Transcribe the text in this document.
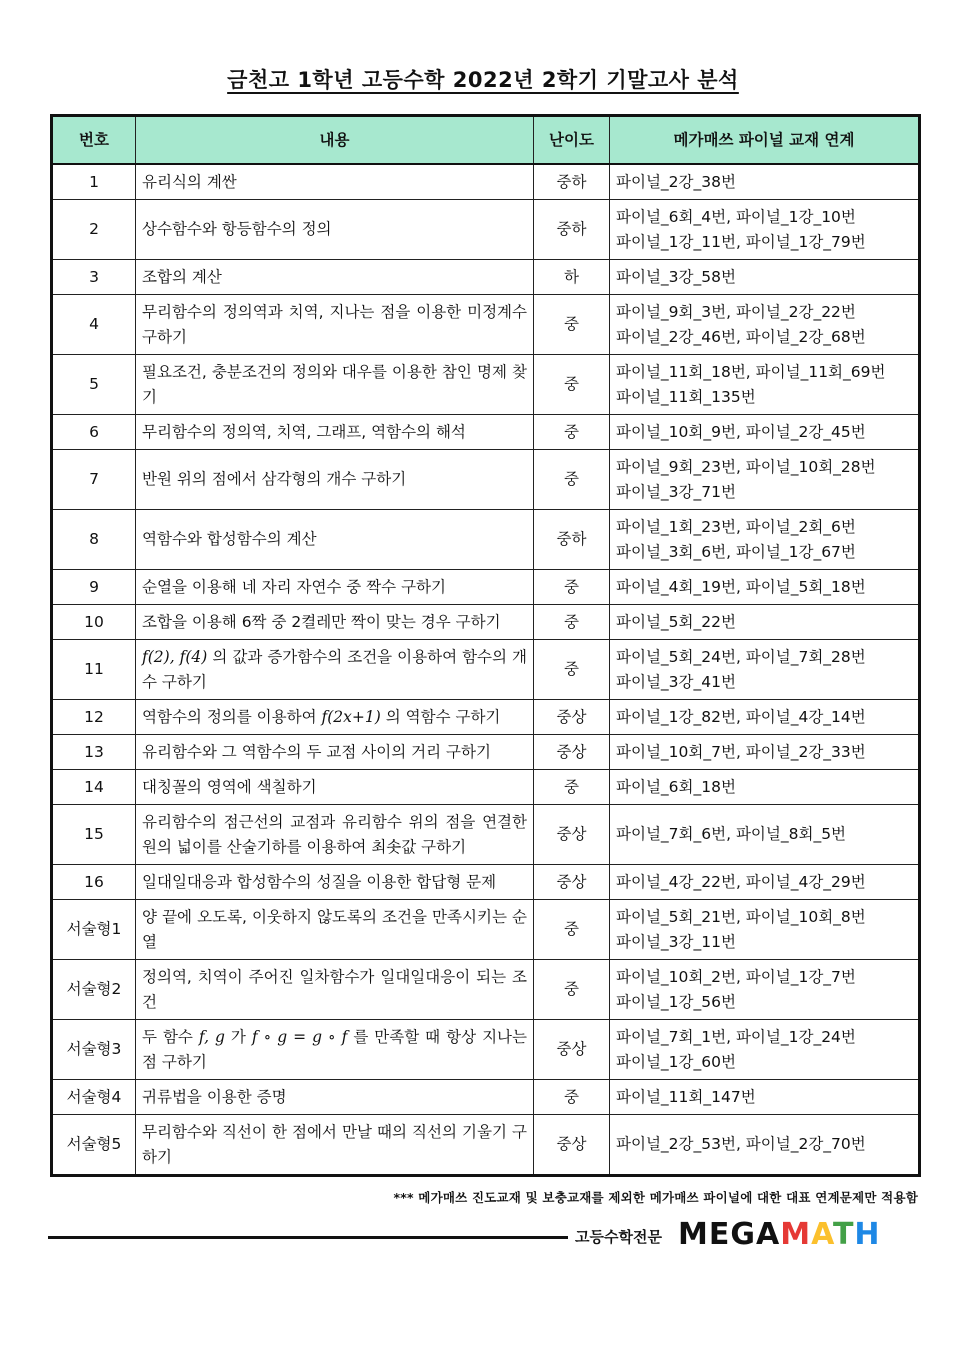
금천고 1학년 고등수학 2022년 2학기 기말고사 분석
번호	내용	난이도	메가매쓰 파이널 교재 연계
1	유리식의 계싼	중하	파이널_2강_38번

2	상수함수와 항등함수의 정의	중하	파이널_6회_4번, 파이널_1강_10번
파이널_1강_11번, 파이널_1강_79번

3	조합의 계산	하	파이널_3강_58번

4	무리함수의 정의역과 치역, 지나는 점을 이용한 미정계수 구하기	중	파이널_9회_3번, 파이널_2강_22번
파이널_2강_46번, 파이널_2강_68번

5	필요조건, 충분조건의 정의와 대우를 이용한 참인 명제 찾기	중	파이널_11회_18번, 파이널_11회_69번
파이널_11회_135번

6	무리함수의 정의역, 치역, 그래프, 역함수의 해석	중	파이널_10회_9번, 파이널_2강_45번

7	반원 위의 점에서 삼각형의 개수 구하기	중	파이널_9회_23번, 파이널_10회_28번
파이널_3강_71번

8	역함수와 합성함수의 계산	중하	파이널_1회_23번, 파이널_2회_6번
파이널_3회_6번, 파이널_1강_67번

9	순열을 이용해 네 자리 자연수 중 짝수 구하기	중	파이널_4회_19번, 파이널_5회_18번

10	조합을 이용해 6짝 중 2켤레만 짝이 맞는 경우 구하기	중	파이널_5회_22번

11	f(2), f(4) 의 값과 증가함수의 조건을 이용하여 함수의 개수 구하기	중	파이널_5회_24번, 파이널_7회_28번
파이널_3강_41번

12	역함수의 정의를 이용하여 f(2x+1) 의 역함수 구하기	중상	파이널_1강_82번, 파이널_4강_14번

13	유리함수와 그 역함수의 두 교점 사이의 거리 구하기	중상	파이널_10회_7번, 파이널_2강_33번

14	대칭꼴의 영역에 색칠하기	중	파이널_6회_18번

15	유리함수의 점근선의 교점과 유리함수 위의 점을 연결한 원의 넓이를 산술기하를 이용하여 최솟값 구하기	중상	파이널_7회_6번, 파이널_8회_5번

16	일대일대응과 합성함수의 성질을 이용한 합답형 문제	중상	파이널_4강_22번, 파이널_4강_29번

서술형1	양 끝에 오도록, 이웃하지 않도록의 조건을 만족시키는 순열	중	파이널_5회_21번, 파이널_10회_8번
파이널_3강_11번

서술형2	정의역, 치역이 주어진 일차함수가 일대일대응이 되는 조건	중	파이널_10회_2번, 파이널_1강_7번
파이널_1강_56번

서술형3	두 함수 f, g 가 f ∘ g = g ∘ f 를 만족할 때 항상 지나는 점 구하기	중상	파이널_7회_1번, 파이널_1강_24번
파이널_1강_60번

서술형4	귀류법을 이용한 증명	중	파이널_11회_147번

서술형5	무리함수와 직선이 한 점에서 만날 때의 직선의 기울기 구하기	중상	파이널_2강_53번, 파이널_2강_70번
*** 메가매쓰 진도교재 및 보충교재를 제외한 메가매쓰 파이널에 대한 대표 연계문제만 적용함
고등수학전문 MEGAMATH
